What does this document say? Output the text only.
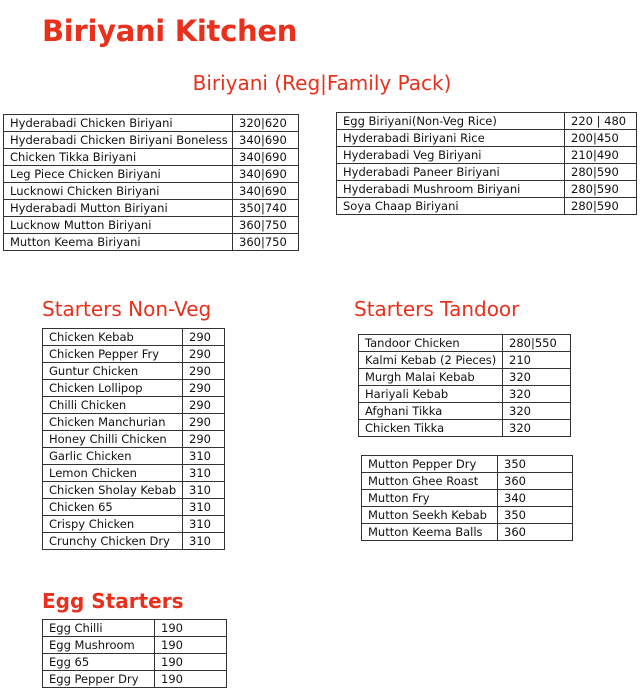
Biriyani Kitchen
Biriyani (Reg|Family Pack)
Hyderabadi Chicken Biriyani	320|620
Hyderabadi Chicken Biriyani Boneless	340|690
Chicken Tikka Biriyani	340|690
Leg Piece Chicken Biriyani	340|690
Lucknowi Chicken Biriyani	340|690
Hyderabadi Mutton Biriyani	350|740
Lucknow Mutton Biriyani	360|750
Mutton Keema Biriyani	360|750
Egg Biriyani(Non-Veg Rice)	220 | 480
Hyderabadi Biriyani Rice	200|450
Hyderabadi Veg Biriyani	210|490
Hyderabadi Paneer Biriyani	280|590
Hyderabadi Mushroom Biriyani	280|590
Soya Chaap Biriyani	280|590
Starters Non-Veg
Chicken Kebab	290
Chicken Pepper Fry	290
Guntur Chicken	290
Chicken Lollipop	290
Chilli Chicken	290
Chicken Manchurian	290
Honey Chilli Chicken	290
Garlic Chicken	310
Lemon Chicken	310
Chicken Sholay Kebab	310
Chicken 65	310
Crispy Chicken	310
Crunchy Chicken Dry	310
Starters Tandoor
Tandoor Chicken	280|550
Kalmi Kebab (2 Pieces)	210
Murgh Malai Kebab	320
Hariyali Kebab	320
Afghani Tikka	320
Chicken Tikka	320
Mutton Pepper Dry	350
Mutton Ghee Roast	360
Mutton Fry	340
Mutton Seekh Kebab	350
Mutton Keema Balls	360
Egg Starters
Egg Chilli	190
Egg Mushroom	190
Egg 65	190
Egg Pepper Dry	190
